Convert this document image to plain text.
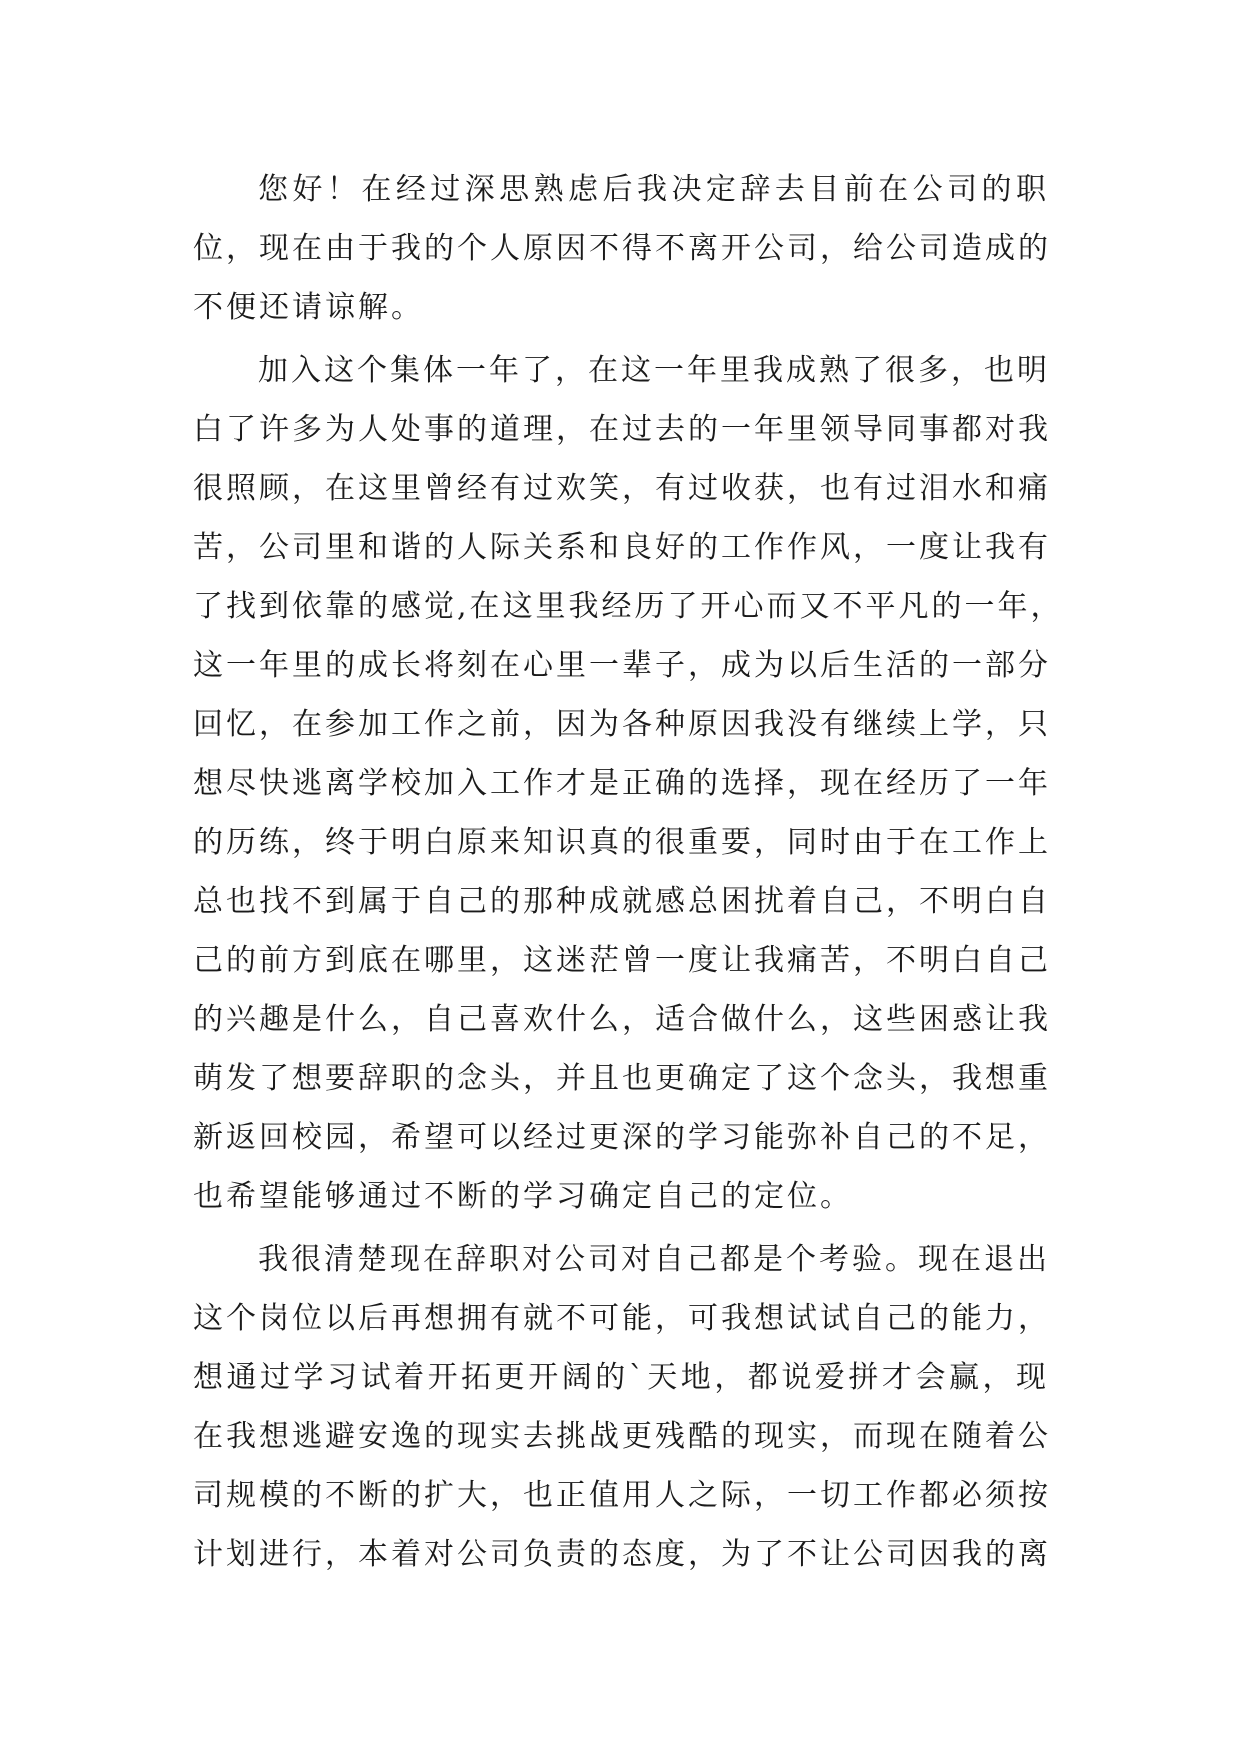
您好！在经过深思熟虑后我决定辞去目前在公司的职
位，现在由于我的个人原因不得不离开公司，给公司造成的
不便还请谅解。
加入这个集体一年了，在这一年里我成熟了很多，也明
白了许多为人处事的道理，在过去的一年里领导同事都对我
很照顾，在这里曾经有过欢笑，有过收获，也有过泪水和痛
苦，公司里和谐的人际关系和良好的工作作风，一度让我有
了找到依靠的感觉,在这里我经历了开心而又不平凡的一年，
这一年里的成长将刻在心里一辈子，成为以后生活的一部分
回忆，在参加工作之前，因为各种原因我没有继续上学，只
想尽快逃离学校加入工作才是正确的选择，现在经历了一年
的历练，终于明白原来知识真的很重要，同时由于在工作上
总也找不到属于自己的那种成就感总困扰着自己，不明白自
己的前方到底在哪里，这迷茫曾一度让我痛苦，不明白自己
的兴趣是什么，自己喜欢什么，适合做什么，这些困惑让我
萌发了想要辞职的念头，并且也更确定了这个念头，我想重
新返回校园，希望可以经过更深的学习能弥补自己的不足，
也希望能够通过不断的学习确定自己的定位。
我很清楚现在辞职对公司对自己都是个考验。现在退出
这个岗位以后再想拥有就不可能，可我想试试自己的能力，
想通过学习试着开拓更开阔的`天地，都说爱拼才会赢，现
在我想逃避安逸的现实去挑战更残酷的现实，而现在随着公
司规模的不断的扩大，也正值用人之际，一切工作都必须按
计划进行，本着对公司负责的态度，为了不让公司因我的离
